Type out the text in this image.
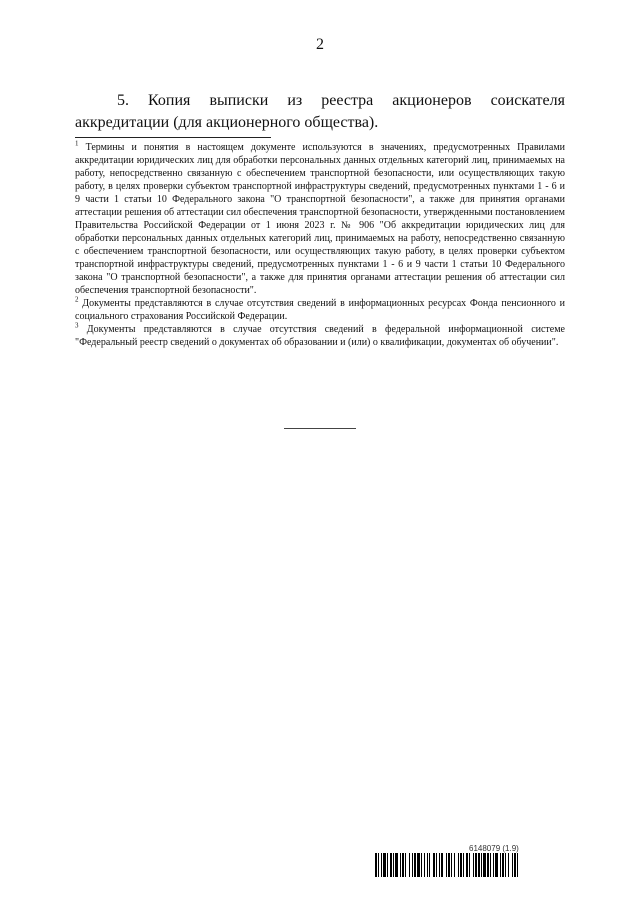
2

5. Копия выписки из реестра акционеров соискателя аккредитации (для акционерного общества).

$^1$ Термины и понятия в настоящем документе используются в значениях, предусмотренных Правилами аккредитации юридических лиц для обработки персональных данных отдельных категорий лиц, принимаемых на работу, непосредственно связанную с обеспечением транспортной безопасности, или осуществляющих такую работу, в целях проверки субъектом транспортной инфраструктуры сведений, предусмотренных пунктами 1 - 6 и 9 части 1 статьи 10 Федерального закона "О транспортной безопасности", а также для принятия органами аттестации решения об аттестации сил обеспечения транспортной безопасности, утвержденными постановлением Правительства Российской Федерации от 1 июня 2023 г. № 906 "Об аккредитации юридических лиц для обработки персональных данных отдельных категорий лиц, принимаемых на работу, непосредственно связанную с обеспечением транспортной безопасности, или осуществляющих такую работу, в целях проверки субъектом транспортной инфраструктуры сведений, предусмотренных пунктами 1 - 6 и 9 части 1 статьи 10 Федерального закона "О транспортной безопасности", а также для принятия органами аттестации решения об аттестации сил обеспечения транспортной безопасности".

$^2$ Документы представляются в случае отсутствия сведений в информационных ресурсах Фонда пенсионного и социального страхования Российской Федерации.

$^3$ Документы представляются в случае отсутствия сведений в федеральной информационной системе "Федеральный реестр сведений о документах об образовании и (или) о квалификации, документах об обучении".

6148079 (1.9)
